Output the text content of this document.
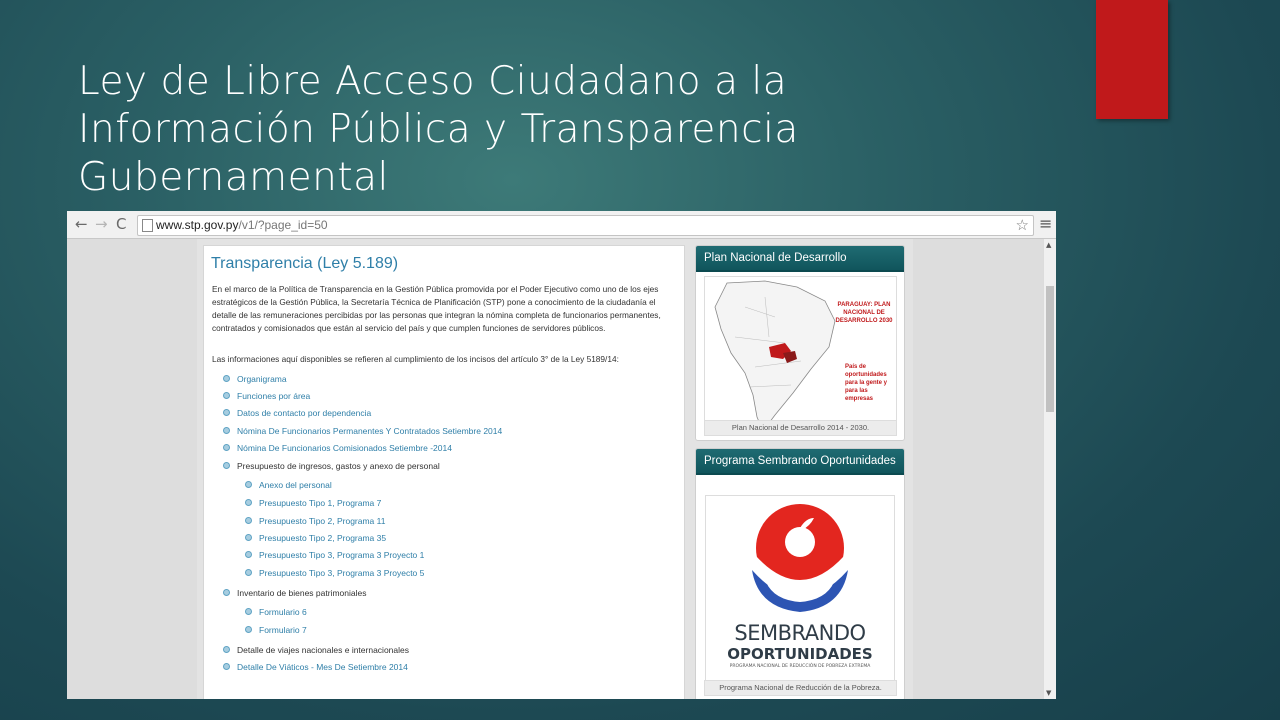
Ley de Libre Acceso Ciudadano a la
Información Pública y Transparencia
Gubernamental
← → C www.stp.gov.py/v1/?page_id=50	☆ ≡
Transparencia (Ley 5.189)
En el marco de la Política de Transparencia en la Gestión Pública promovida por el Poder Ejecutivo como uno de los ejes estratégicos de la Gestión Pública, la Secretaría Técnica de Planificación (STP) pone a conocimiento de la ciudadanía el detalle de las remuneraciones percibidas por las personas que integran la nómina completa de funcionarios permanentes, contratados y comisionados que están al servicio del país y que cumplen funciones de servidores públicos.
Las informaciones aquí disponibles se refieren al cumplimiento de los incisos del artículo 3° de la Ley 5189/14:
Organigrama
Funciones por área
Datos de contacto por dependencia
Nómina De Funcionarios Permanentes Y Contratados Setiembre 2014
Nómina De Funcionarios Comisionados Setiembre -2014
Presupuesto de ingresos, gastos y anexo de personal
Anexo del personal
Presupuesto Tipo 1, Programa 7
Presupuesto Tipo 2, Programa 11
Presupuesto Tipo 2, Programa 35
Presupuesto Tipo 3, Programa 3 Proyecto 1
Presupuesto Tipo 3, Programa 3 Proyecto 5
Inventario de bienes patrimoniales
Formulario 6
Formulario 7
Detalle de viajes nacionales e internacionales
Detalle De Viáticos - Mes De Setiembre 2014
Plan Nacional de Desarrollo
PARAGUAY: PLAN NACIONAL DE DESARROLLO 2030
País de oportunidades para la gente y para las empresas
Plan Nacional de Desarrollo 2014 - 2030.
Programa Sembrando Oportunidades
SEMBRANDO
OPORTUNIDADES
PROGRAMA NACIONAL DE REDUCCIÓN DE POBREZA EXTREMA
Programa Nacional de Reducción de la Pobreza.
▲
▼
